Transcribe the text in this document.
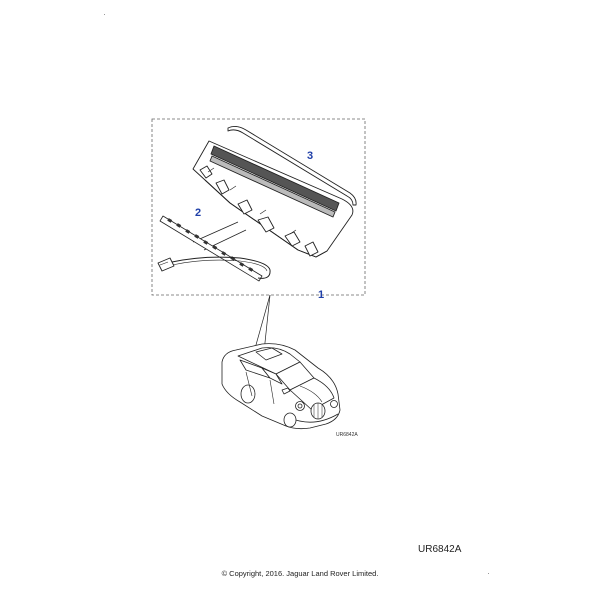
1
2
3
UR6842A
UR6842A
© Copyright, 2016. Jaguar Land Rover Limited.
